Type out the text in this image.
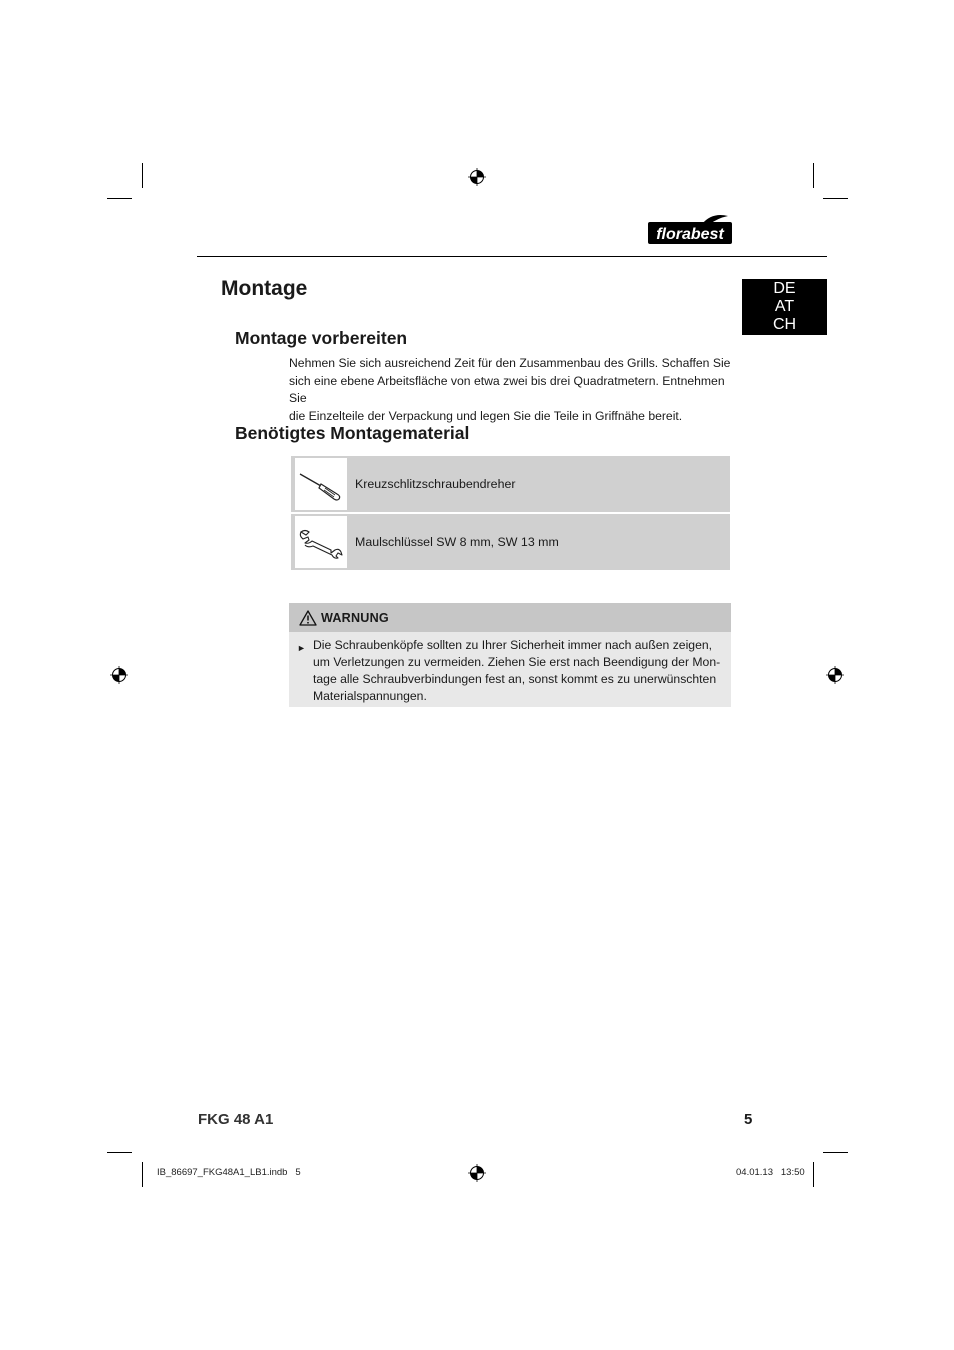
florabest
Montage	DE
AT
CH
Montage vorbereiten
Nehmen Sie sich ausreichend Zeit für den Zusammenbau des Grills. Schaffen Sie
sich eine ebene Arbeitsfläche von etwa zwei bis drei Quadratmetern. Entnehmen Sie
die Einzelteile der Verpackung und legen Sie die Teile in Griffnähe bereit.
Benötigtes Montagematerial
Kreuzschlitzschraubendreher
Maulschlüssel SW 8 mm, SW 13 mm
WARNUNG
► Die Schraubenköpfe sollten zu Ihrer Sicherheit immer nach außen zeigen,
um Verletzungen zu vermeiden. Ziehen Sie erst nach Beendigung der Mon-
tage alle Schraubverbindungen fest an, sonst kommt es zu unerwünschten
Materialspannungen.
FKG 48 A1	5
IB_86697_FKG48A1_LB1.indb   5	04.01.13   13:50
